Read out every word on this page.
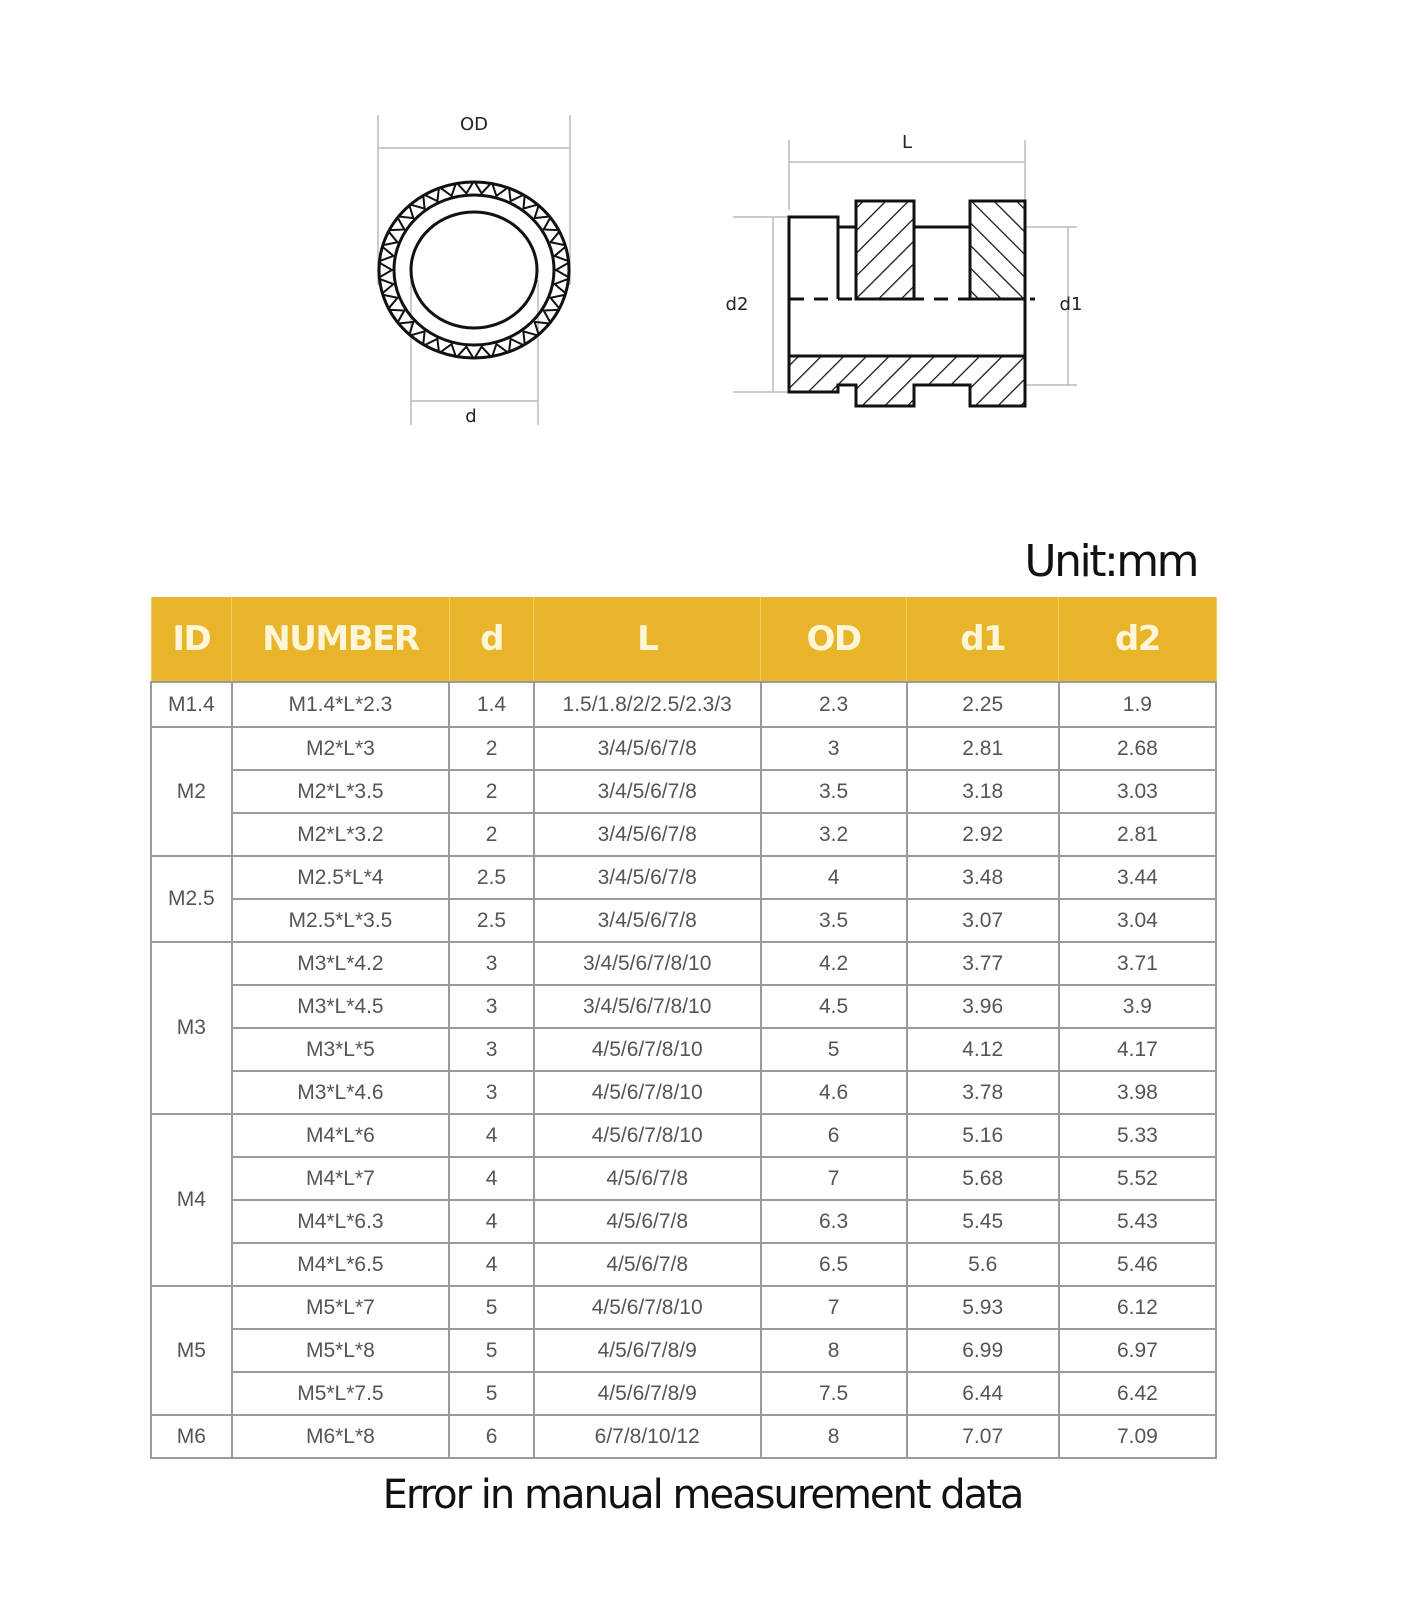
OD
d
L
d2	d1
Unit:mm
ID	NUMBER	d	L	OD	d1	d2
M1.4	M1.4*L*2.3	1.4	1.5/1.8/2/2.5/2.3/3	2.3	2.25	1.9
M2	M2*L*3	2	3/4/5/6/7/8	3	2.81	2.68
	M2*L*3.5	2	3/4/5/6/7/8	3.5	3.18	3.03
	M2*L*3.2	2	3/4/5/6/7/8	3.2	2.92	2.81
M2.5	M2.5*L*4	2.5	3/4/5/6/7/8	4	3.48	3.44
	M2.5*L*3.5	2.5	3/4/5/6/7/8	3.5	3.07	3.04
M3	M3*L*4.2	3	3/4/5/6/7/8/10	4.2	3.77	3.71
	M3*L*4.5	3	3/4/5/6/7/8/10	4.5	3.96	3.9
	M3*L*5	3	4/5/6/7/8/10	5	4.12	4.17
	M3*L*4.6	3	4/5/6/7/8/10	4.6	3.78	3.98
M4	M4*L*6	4	4/5/6/7/8/10	6	5.16	5.33
	M4*L*7	4	4/5/6/7/8	7	5.68	5.52
	M4*L*6.3	4	4/5/6/7/8	6.3	5.45	5.43
	M4*L*6.5	4	4/5/6/7/8	6.5	5.6	5.46
M5	M5*L*7	5	4/5/6/7/8/10	7	5.93	6.12
	M5*L*8	5	4/5/6/7/8/9	8	6.99	6.97
	M5*L*7.5	5	4/5/6/7/8/9	7.5	6.44	6.42
M6	M6*L*8	6	6/7/8/10/12	8	7.07	7.09
Error in manual measurement data
